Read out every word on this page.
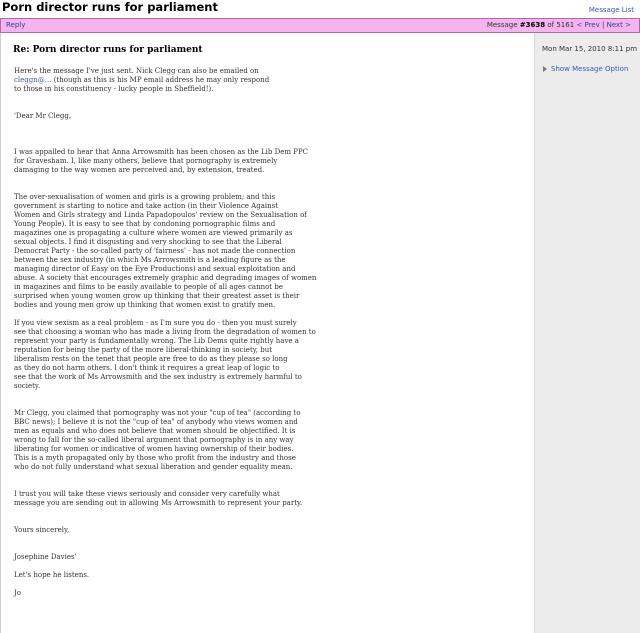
Porn director runs for parliament	Message List
Reply	Message #3638 of 5161 < Prev | Next >
Re: Porn director runs for parliament
Here's the message I've just sent. Nick Clegg can also be emailed on
cleggn@... (though as this is his MP email address he may only respond
to those in his constituency - lucky people in Sheffield!).
'Dear Mr Clegg,
I was appalled to hear that Anna Arrowsmith has been chosen as the Lib Dem PPC
for Gravesham. I, like many others, believe that pornography is extremely
damaging to the way women are perceived and, by extension, treated.
The over-sexualisation of women and girls is a growing problem; and this
government is starting to notice and take action (in their Violence Against
Women and Girls strategy and Linda Papadopoulos' review on the Sexualisation of
Young People). It is easy to see that by condoning pornographic films and
magazines one is propagating a culture where women are viewed primarily as
sexual objects. I find it disgusting and very shocking to see that the Liberal
Democrat Party - the so-called party of 'fairness' - has not made the connection
between the sex industry (in which Ms Arrowsmith is a leading figure as the
managing director of Easy on the Eye Productions) and sexual exploitation and
abuse. A society that encourages extremely graphic and degrading images of women
in magazines and films to be easily available to people of all ages cannot be
surprised when young women grow up thinking that their greatest asset is their
bodies and young men grow up thinking that women exist to gratify men.
If you view sexism as a real problem - as I'm sure you do - then you must surely
see that choosing a woman who has made a living from the degradation of women to
represent your party is fundamentally wrong. The Lib Dems quite rightly have a
reputation for being the party of the more liberal-thinking in society, but
liberalism rests on the tenet that people are free to do as they please so long
as they do not harm others. I don't think it requires a great leap of logic to
see that the work of Ms Arrowsmith and the sex industry is extremely harmful to
society.
Mr Clegg, you claimed that pornography was not your "cup of tea" (according to
BBC news); I believe it is not the "cup of tea" of anybody who views women and
men as equals and who does not believe that women should be objectified. It is
wrong to fall for the so-called liberal argument that pornography is in any way
liberating for women or indicative of women having ownership of their bodies.
This is a myth propagated only by those who profit from the industry and those
who do not fully understand what sexual liberation and gender equality mean.
I trust you will take these views seriously and consider very carefully what
message you are sending out in allowing Ms Arrowsmith to represent your party.
Yours sincerely,
Josephine Davies'
Let's hope he listens.
Jo
Mon Mar 15, 2010 8:11 pm
Show Message Option
